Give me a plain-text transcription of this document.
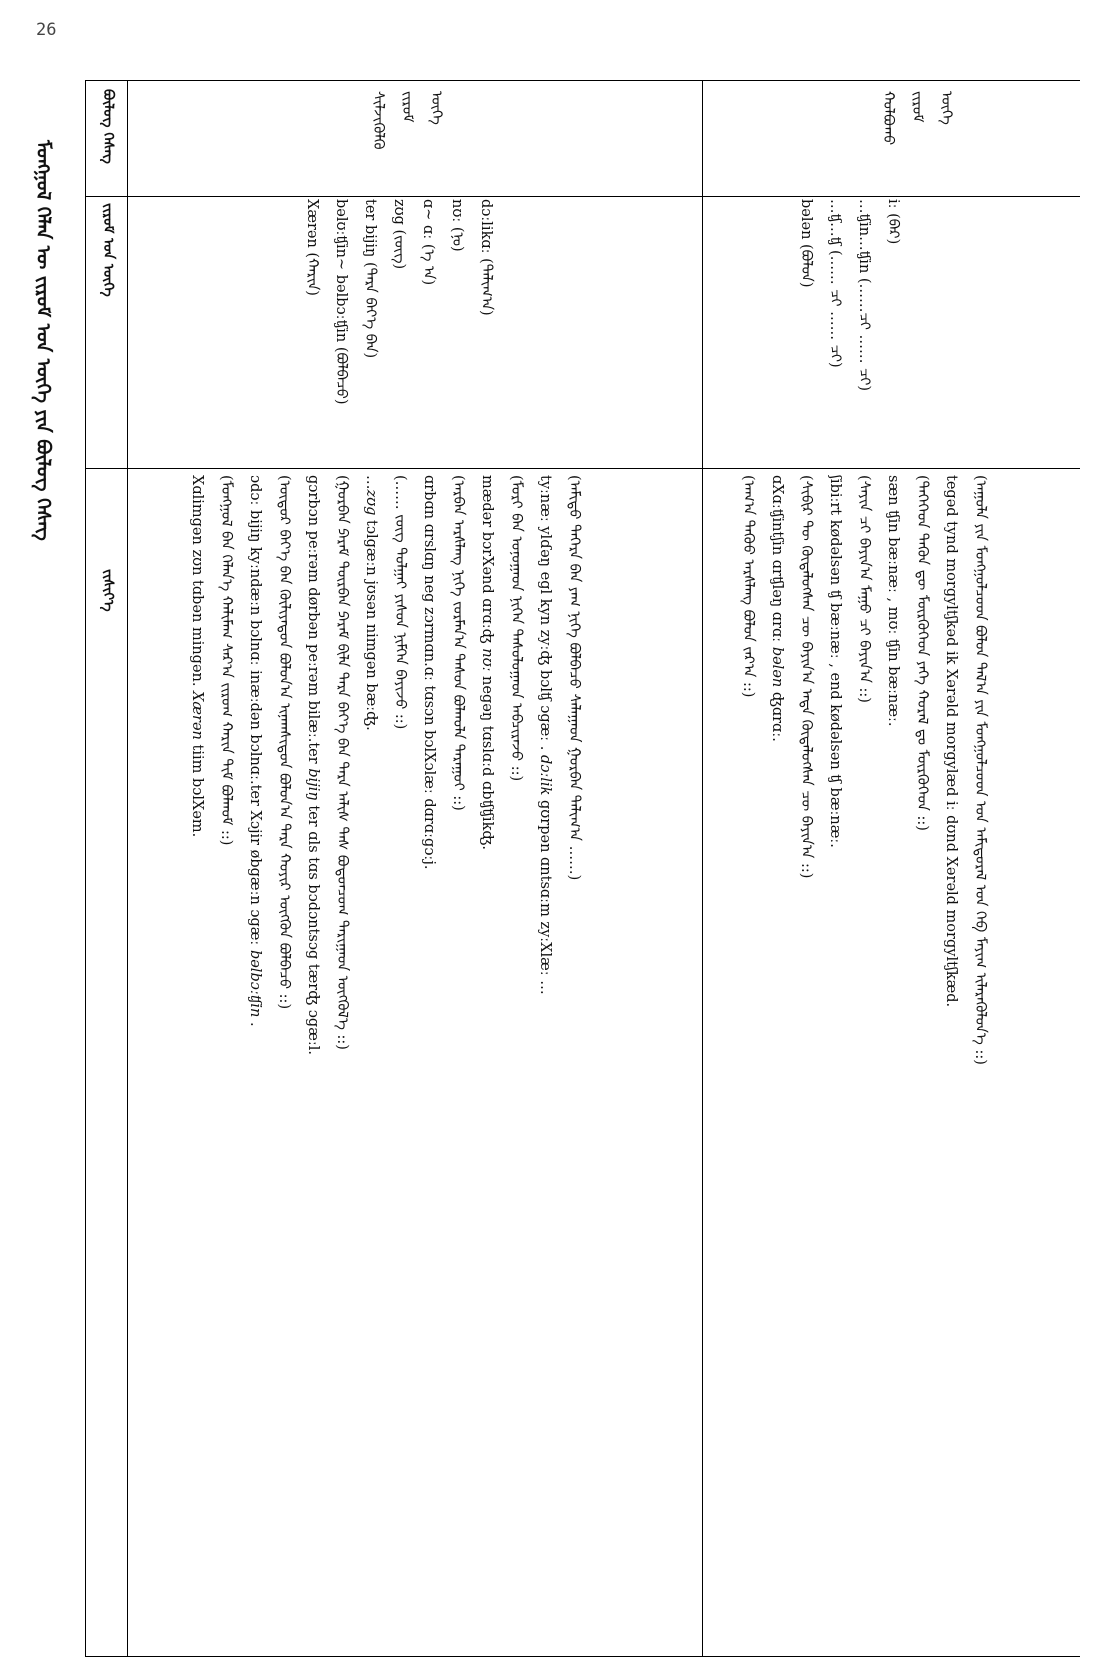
26
ᠮᠣᠩᠭᠣᠯ ᠬᠡᠯᠡᠨ ᠦ ᠵᠢᠷᠤᠮ ᠤᠨ ᠦᠭᠡ ᠶᠢᠨ ᠪᠦᠯᠦᠭ ᠬᠡᠰᠡᠭ
ᠪᠦᠯᠦᠭ ᠬᠡᠰᠡᠭ
ᠵᠢᠷᠤᠮ ᠤᠨ ᠦᠭᠡ
ᠵᠢᠱᠢᠶ᠎ᠡ
ᠰᠢᠯᠵᠢᠭᠦᠯᠬᠦ ᠵᠢᠷᠤᠮ ᠦᠭᠡ
Xærən (ᠬᠠᠷᠢᠨ) bəlʊːʧin~ bəlbɔːʧin (ᠪᠣᠯᠪᠠᠴᠤ) ter bijiŋ (ᠲᠡᠷᠡ ᠪᠡᠶ᠎ᠡ ᠪᠡᠨ) zʊg (ᠵᠦᠭ) ɑ~ ɑː (ᠠ᠋ ᠠ) nʊː (ᠨᠤ) dɔːlikɑː (ᠳᠠᠯᠢᠭ᠎ᠠ)
Xɑlimgən zʊn tɑbən mingən. Xærən tiim bɔlXəm. (ᠮᠣᠩᠭᠣᠯ ᠪᠠᠨ ᠬᠡᠯᠡᠨ᠎ᠡ ᠬᠠᠯᠢᠮᠠᠭ ᠰᠠᠷ᠎ᠠ ᠵᠢᠷᠤᠭ ᠬᠠᠷᠢᠨ ᠲᠢᠮ ᠪᠣᠯᠬᠤᠮ ::) ɔdɔː bijiŋ kyːndæːn bɔlnɑː inæːdən bɔlnɑː.ter Xɔjir øbgæːn ɔgæː bəlbɔːʧin .
(ᠥᠳᠥᠷ ᠪᠡᠶ᠎ᠡ ᠪᠡᠨ ᠬᠦᠯᠢᠶᠡᠳᠦᠨ ᠪᠣᠯᠤᠨ᠎ᠠ ᠢᠨᠠᠭᠰᠢᠳᠤᠨ ᠪᠣᠯᠤᠨ᠎ᠠ ᠲᠡᠷᠡ ᠬᠣᠶᠢᠷ ᠥᠭᠭᠦᠨ ᠪᠣᠯᠪᠠᠴᠤ ::) gɔrbɔn peːrəm dørbən peːrəm bilæː.ter bijiŋ ter ɑls tɑs bɔdɔntsɔg tærʤ ɔgæːl. (ᠭᠤᠷᠪᠠᠨ ᠫᠡᠷᠡᠮ ᠳᠥᠷᠪᠡᠨ ᠫᠡᠷᠡᠮ ᠪᠢᠯᠡ ᠲᠡᠷᠡ ᠪᠡᠶ᠎ᠡ ᠪᠡᠨ ᠲᠡᠷᠡ ᠠᠯᠢᠰ ᠲᠠᠰ ᠪᠣᠳᠣᠨᠴᠤᠭ ᠲᠠᠷᠢᠭᠠᠳ ᠥᠭᠭᠦᠯ᠎ᠡ ::) …zʊg tɔlgæːn jʊsən nimgən bæːʤ. (…… ᠵᠦᠭ ᠲᠣᠯᠭᠠᠢ ᠶᠢᠰᠦᠨ ᠨᠢᠮᠭᠡᠨ ᠪᠠᠶᠢᠵᠤ ::) ɑrbɑn ɑrslɑŋ neg zɔrmɑn.ɑː tɑsɔn bɔlXɔlæː dɑrɑːgɔːj. (ᠠᠷᠪᠠᠨ ᠠᠷᠰᠯᠠᠩ ᠨᠢᠭᠡ ᠵᠣᠷᠮᠠᠨ᠎ᠠ ᠲᠠᠰᠤᠨ ᠪᠣᠯᠬᠤᠯᠠ ᠳᠠᠷᠠᠭᠣᠢ ::) mædər bɔrXənd ɑrɑːʤ nʊː negəŋ tɑslɑːd ɑbʧʧikʤ. (ᠮᠣᠷᠢ ᠪᠠᠨ ᠤᠨᠤᠭᠠᠳ ᠨᠢᠭᠡᠨ ᠲᠠᠰᠤᠯᠤᠭᠠᠳ ᠠᠪᠴᠢᠷᠠᠵᠤ ::) tyːnæː ylɗəŋ egl kyn zyːʤ bɔlʧ ɔgæː . dɔːlik gʊrpən ɑntsɑːm zyːXlæː …
(ᠠᠮᠢᠳᠤ ᠳᠡᠭᠡᠷᠡ ᠪᠠᠨ ᠶᠠᠭ ᠨᠢᠭᠡ ᠪᠣᠯᠪᠠᠴᠤ ᠰᠠᠯᠠᠭᠠᠳ ᠭᠤᠷᠪᠠᠨ ᠳᠠᠯᠢᠭ᠎ᠠ ……)
ᠬᠣᠯᠪᠣᠬᠤ ᠵᠢᠷᠤᠮ ᠦᠭᠡ
bələn (ᠪᠣᠯᠣᠨ) …ʧ…ʧ (…… ᠴᠢ …… ᠴᠢ) …ʧin…ʧin (……ᠴᠢ …… ᠴᠢ) iː (ᠪᠡᠷ)
(ᠠᠬ᠎ᠠ ᠳᠡᠭᠦᠦ ᠠᠷᠰᠯᠠᠩ ᠪᠣᠯᠣᠨ ᠵᠠᠷ᠎ᠠ ::) ɑXɑːʧintʃin ɑrʧləŋ ɑrɑː bələn ʤɑrɑː. (ᠰᠢᠪᠢᠷ ᠲᠦ ᠬᠥᠳᠡᠯᠦᠭᠰᠡᠨ ᠴᠦ ᠪᠠᠶᠢᠨ᠎ᠠ ᠡᠨᠳᠡ ᠬᠥᠳᠡᠯᠦᠭᠰᠡᠨ ᠴᠦ ᠪᠠᠶᠢᠨ᠎ᠠ ::) ʃibiːrt kødəlsən ʧ bæːnæː , end kødəlsən ʧ bæːnæː. (ᠰᠠᠶᠢᠨ ᠴᠢ ᠪᠠᠶᠢᠨ᠎ᠠ ᠮᠠᠭᠤ ᠴᠢ ᠪᠠᠶᠢᠨ᠎ᠠ ::) sæn ʧin bæːnæː , mʊː ʧin bæːnæː. (ᠲᠡᠭᠡᠭᠡᠳ ᠲᠡᠭᠦᠨ ᠳᠦ ᠮᠥᠷᠭᠦᠭᠡᠳ ᠶᠡᠬᠡ ᠬᠤᠷᠠᠯ ᠳᠤ ᠮᠥᠷᠭᠦᠭᠡᠳ ::) tegəd tynd morgyltʃkəd ik Xərəld morgylæd iː dʊnd Xərəld morgyltʃkæd. (ᠠᠭᠤᠯᠠ ᠶᠢᠨ ᠮᠣᠩᠭᠣᠯᠴᠤᠳ ᠪᠣᠯᠤᠨ ᠲᠠᠯ᠎ᠠ ᠶᠢᠨ ᠮᠣᠩᠭᠣᠯᠴᠤᠳ ᠤᠨ ᠠᠮᠢᠳᠤᠷᠠᠯ ᠤᠨ ᠬᠡᠪ ᠮᠠᠶᠢᠭ ᠢᠯᠡᠷᠡᠭᠦᠯᠦᠨ᠎ᠡ ::)
